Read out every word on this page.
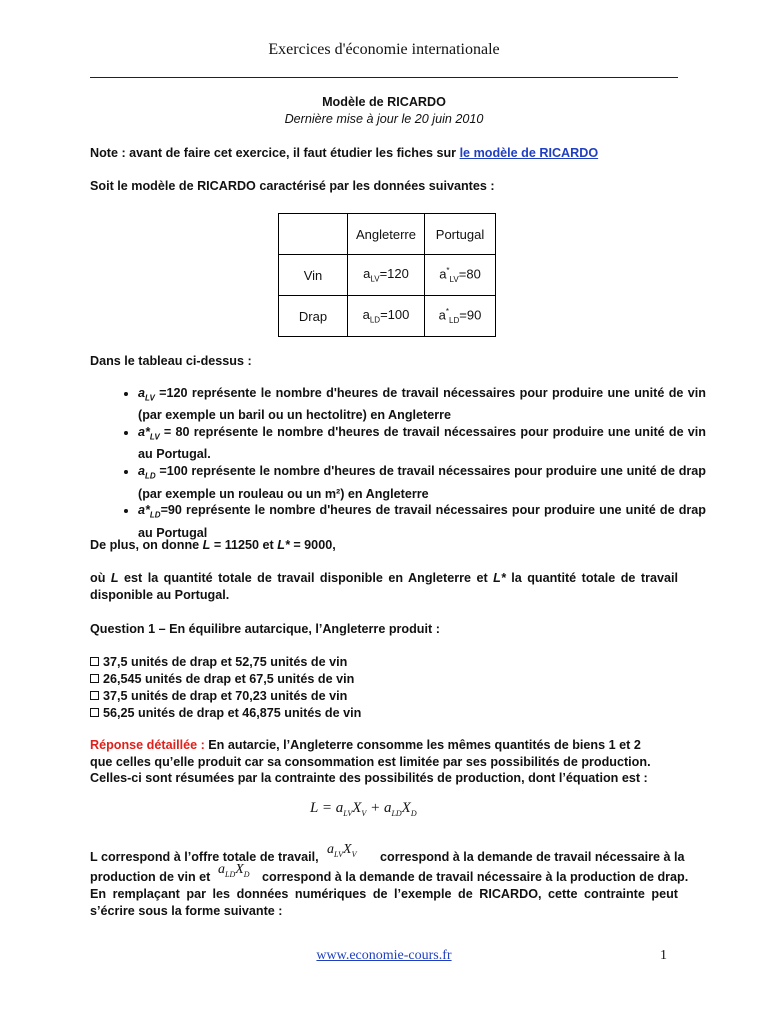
Exercices d'économie internationale
Modèle de RICARDO
Dernière mise à jour le 20 juin 2010
Note : avant de faire cet exercice, il faut étudier les fiches sur le modèle de RICARDO
Soit le modèle de RICARDO caractérisé par les données suivantes :
	Angleterre	Portugal
Vin	$a_{LV}=120$	$a^*_{LV}=80$
Drap	$a_{LD}=100$	$a^*_{LD}=90$
Dans le tableau ci-dessus :
• $a_{LV} =120$ représente le nombre d'heures de travail nécessaires pour produire une unité de vin (par exemple un baril ou un hectolitre) en Angleterre
• $a*_{LV} = 80$ représente le nombre d'heures de travail nécessaires pour produire une unité de vin au Portugal.
• $a_{LD} =100$ représente le nombre d'heures de travail nécessaires pour produire une unité de drap (par exemple un rouleau ou un m²) en Angleterre
• $a*_{LD}=90$ représente le nombre d'heures de travail nécessaires pour produire une unité de drap au Portugal
De plus, on donne L = 11250 et L* = 9000,
où L est la quantité totale de travail disponible en Angleterre et L* la quantité totale de travail disponible au Portugal.
Question 1 – En équilibre autarcique, l’Angleterre produit :
37,5 unités de drap et 52,75 unités de vin
26,545 unités de drap et 67,5 unités de vin
37,5 unités de drap et 70,23 unités de vin
56,25 unités de drap et 46,875 unités de vin
Réponse détaillée : En autarcie, l’Angleterre consomme les mêmes quantités de biens 1 et 2 que celles qu’elle produit car sa consommation est limitée par ses possibilités de production. Celles-ci sont résumées par la contrainte des possibilités de production, dont l’équation est :
$L = a_{LV}X_V + a_{LD}X_D$
L correspond à l’offre totale de travail, $a_{LV}X_V$ correspond à la demande de travail nécessaire à la
production de vin et $a_{LD}X_D$ correspond à la demande de travail nécessaire à la production de drap.
En remplaçant par les données numériques de l’exemple de RICARDO, cette contrainte peut s’écrire sous la forme suivante :
www.economie-cours.fr	1
